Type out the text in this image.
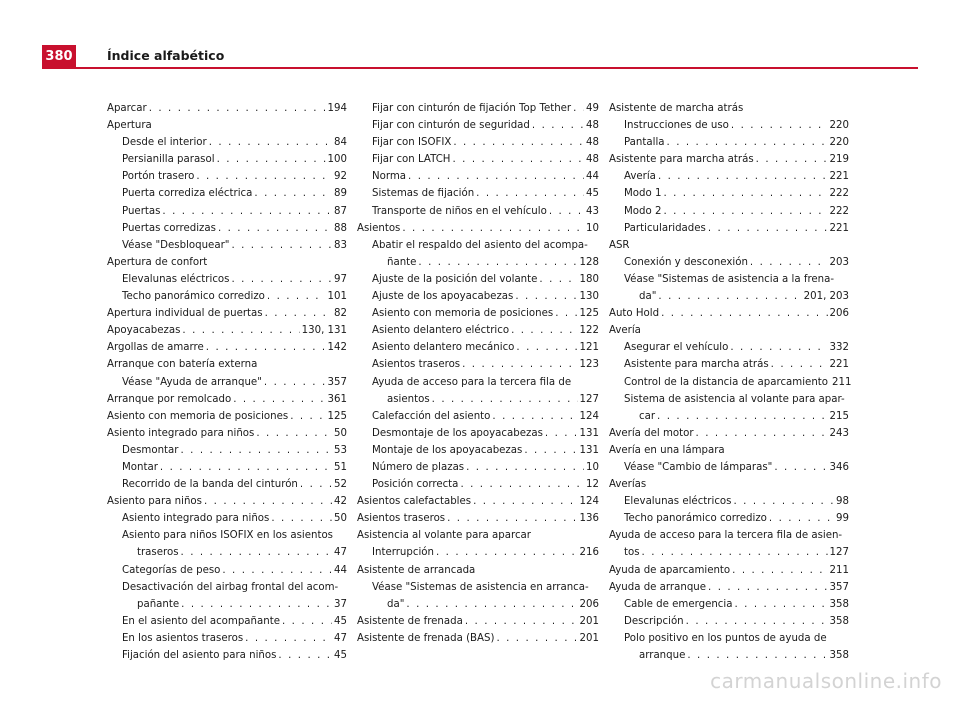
380	Índice alfabético
Aparcar . . .	194
Apertura
Desde el interior . . .	84
Persianilla parasol . . .	100
Portón trasero . . .	92
Puerta corrediza eléctrica . . .	89
Puertas . . .	87
Puertas corredizas . . .	88
Véase "Desbloquear" . . .	83
Apertura de confort
Elevalunas eléctricos . . .	97
Techo panorámico corredizo . . .	101
Apertura individual de puertas . . .	82
Apoyacabezas . . .	130, 131
Argollas de amarre . . .	142
Arranque con batería externa
Véase "Ayuda de arranque" . . .	357
Arranque por remolcado . . .	361
Asiento con memoria de posiciones . . .	125
Asiento integrado para niños . . .	50
Desmontar . . .	53
Montar . . .	51
Recorrido de la banda del cinturón . . .	52
Asiento para niños . . .	42
Asiento integrado para niños . . .	50
Asiento para niños ISOFIX en los asientos
traseros . . .	47
Categorías de peso . . .	44
Desactivación del airbag frontal del acom-
pañante . . .	37
En el asiento del acompañante . . .	45
En los asientos traseros . . .	47
Fijación del asiento para niños . . .	45
Fijar con cinturón de fijación Top Tether . . . 49
Fijar con cinturón de seguridad . . .	48
Fijar con ISOFIX . . .	48
Fijar con LATCH . . .	48
Norma . . .	44
Sistemas de fijación . . .	45
Transporte de niños en el vehículo . . .	43
Asientos . . .	10
Abatir el respaldo del asiento del acompa-
ñante . . .	128
Ajuste de la posición del volante . . .	180
Ajuste de los apoyacabezas . . .	130
Asiento con memoria de posiciones . . .	125
Asiento delantero eléctrico . . .	122
Asiento delantero mecánico . . .	121
Asientos traseros . . .	123
Ayuda de acceso para la tercera fila de
asientos . . .	127
Calefacción del asiento . . .	124
Desmontaje de los apoyacabezas . . .	131
Montaje de los apoyacabezas . . .	131
Número de plazas . . .	10
Posición correcta . . .	12
Asientos calefactables . . .	124
Asientos traseros . . .	136
Asistencia al volante para aparcar
Interrupción . . .	216
Asistente de arrancada
Véase "Sistemas de asistencia en arranca-
da" . . .	206
Asistente de frenada . . .	201
Asistente de frenada (BAS) . . .	201
Asistente de marcha atrás
Instrucciones de uso . . .	220
Pantalla . . .	220
Asistente para marcha atrás . . .	219
Avería . . .	221
Modo 1 . . .	222
Modo 2 . . .	222
Particularidades . . .	221
ASR
Conexión y desconexión . . .	203
Véase "Sistemas de asistencia a la frena-
da" . . .	201, 203
Auto Hold . . .	206
Avería
Asegurar el vehículo . . .	332
Asistente para marcha atrás . . .	221
Control de la distancia de aparcamiento 211
Sistema de asistencia al volante para apar-
car . . .	215
Avería del motor . . .	243
Avería en una lámpara
Véase "Cambio de lámparas" . . .	346
Averías
Elevalunas eléctricos . . .	98
Techo panorámico corredizo . . .	99
Ayuda de acceso para la tercera fila de asien-
tos . . .	127
Ayuda de aparcamiento . . .	211
Ayuda de arranque . . .	357
Cable de emergencia . . .	358
Descripción . . .	358
Polo positivo en los puntos de ayuda de
arranque . . .	358
carmanualsonline.info
